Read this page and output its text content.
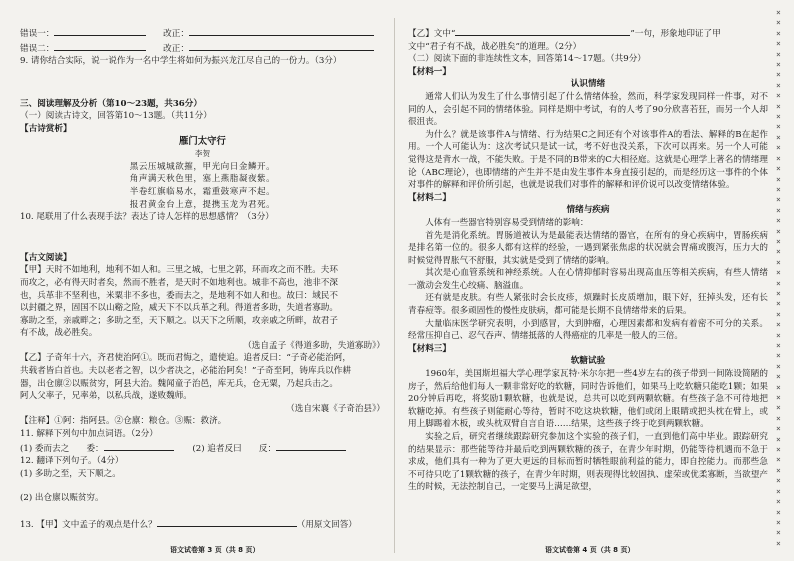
错误一：	改正：
错误二：	改正：
9. 请你结合实际，说一说作为一名中学生将如何为振兴龙江尽自己的一份力。（3分）
三、阅读理解及分析（第10～23题，共36分）
（一）阅读古诗文，回答第10～13题。（共11分）
【古诗赏析】
雁门太守行
李贺
黑云压城城欲摧，甲光向日金鳞开。
角声满天秋色里，塞上燕脂凝夜紫。
半卷红旗临易水，霜重鼓寒声不起。
报君黄金台上意，提携玉龙为君死。
10. 尾联用了什么表现手法？表达了诗人怎样的思想感情？（3分）
【古文阅读】
【甲】天时不如地利，地利不如人和。三里之城，七里之郭，环而攻之而不胜。夫环
而攻之，必有得天时者矣，然而不胜者，是天时不如地利也。城非不高也，池非不深
也，兵革非不坚利也，米粟非不多也，委而去之，是地利不如人和也。故曰：域民不
以封疆之界，固国不以山谿之险，威天下不以兵革之利。得道者多助，失道者寡助。
寡助之至，亲戚畔之；多助之至，天下顺之。以天下之所顺，攻亲戚之所畔，故君子
有不战，战必胜矣。
（选自孟子《得道多助，失道寡助》）
【乙】子奇年十六，齐君使治阿①。既而君悔之，遣使追。追者反曰：“子奇必能治阿，
共载者皆白首也。夫以老者之智，以少者决之，必能治阿矣！”子奇至阿，铸库兵以作耕
器，出仓廪②以赈贫穷，阿县大治。魏闻童子治邑，库无兵，仓无粟，乃起兵击之。
阿人父率子，兄率弟，以私兵战，遂败魏师。
（选自宋襄《子奇治县》）
【注释】①阿：指阿县。②仓廪：粮仓。③赈：救济。
11. 解释下列句中加点词语。（2分）
(1) 委而去之　　委：	(2) 追者反曰　　反：
12. 翻译下列句子。（4分）
(1) 多助之至，天下顺之。
(2) 出仓廪以赈贫穷。
13. 【甲】文中孟子的观点是什么？	（用原文回答）
语文试卷第 3 页（共 8 页）
【乙】文中“	”一句，形象地印证了甲
文中“君子有不战，战必胜矣”的道理。（2分）
（二）阅读下面的非连续性文本，回答第14～17题。（共9分）
【材料一】
认识情绪
通常人们认为发生了什么事情引起了什么情绪体验，然而，科学家发现同样一件事，对不同的人，会引起不同的情绪体验。同样是期中考试，有的人考了90分欣喜若狂，而另一个人却很沮丧。
为什么？就是该事件A与情绪、行为结果C之间还有个对该事件A的看法、解释的B在起作用。一个人可能认为：这次考试只是试一试，考不好也没关系，下次可以再来。另一个人可能觉得这是背水一战，不能失败。于是不同的B带来的C大相径庭。这就是心理学上著名的情绪理论（ABC理论），也即情绪的产生并不是由发生事件本身直接引起的，而是经历这一事件的个体对事件的解释和评价所引起，也就是说我们对事件的解释和评价说可以改变情绪体验。
【材料二】
情绪与疾病
人体有一些器官特别容易受到情绪的影响：
首先是消化系统。胃肠道被认为是最能表达情绪的器官，在所有的身心疾病中，胃肠疾病是排名第一位的。很多人都有这样的经验，一遇到紧张焦虑的状况就会胃痛或腹泻，压力大的时候觉得胃胀气不舒服，其实就是受到了情绪的影响。
其次是心血管系统和神经系统。人在心情抑郁时容易出现高血压等相关疾病，有些人情绪一激动会发生心绞痛、脑溢血。
还有就是皮肤。有些人紧张时会长皮疹，烦躁时长皮质增加，眼下好，狂掉头发，还有长青春痘等。很多顽固性的慢性皮肤病，都可能是长期不良情绪带来的后果。
大量临床医学研究表明，小到感冒，大到肿瘤，心理因素都和发病有着密不可分的关系。经常压抑自己、忍气吞声、情绪抵落的人得癌症的几率是一般人的三倍。
【材料三】
软糖试验
1960年，美国斯坦福大学心理学家瓦特·米尔尔把一些4岁左右的孩子带到一间陈设简陋的房子，然后给他们每人一颗非常好吃的软糖，同时告诉他们，如果马上吃软糖只能吃1颗；如果20分钟后再吃，将奖励1颗软糖，也就是说，总共可以吃到两颗软糖。有些孩子急不可待地把软糖吃掉。有些孩子则能耐心等待，暂时不吃这块软糖，他们或闭上眼睛或把头枕在臂上，或用上脚踢着木板，或头枕双臂自言自语……结果，这些孩子终于吃到两颗软糖。
实验之后，研究者继续跟踪研究参加这个实验的孩子们，一直到他们高中毕业。跟踪研究的结果显示：那些能等待并最后吃到两颗软糖的孩子，在青少年时期，仍能等待机遇而不急于求成，他们具有一种为了更大更远的目标而暂时牺牲眼前利益的能力，即自控能力。而那些急不可待只吃了1颗软糖的孩子，在青少年时期，则表现得比较固执、虚荣或优柔寡断，当欲望产生的时候，无法控制自己，一定要马上满足欲望，
语文试卷第 4 页（共 8 页）
×
×
×
×
×
×
×
×
×
×
×
×
×
×
×
×
×
×
×
×
×
×
×
×
×
×
×
×
×
×
×
×
×
×
×
×
×
×
×
×
×
×
×
×
×
×
×
×
×
×
×
×
